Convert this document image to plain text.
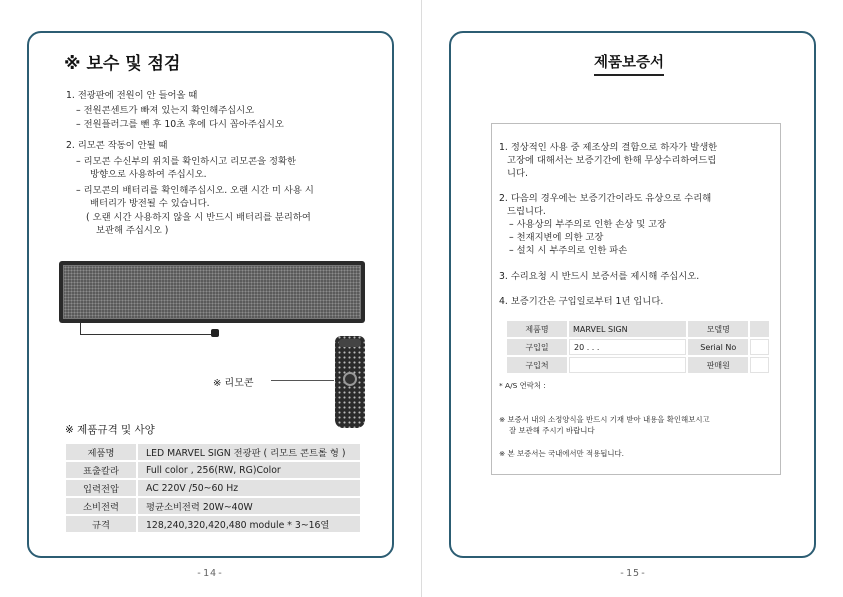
※ 보수 및 점검
1. 전광판에 전원이 안 들어올 때
– 전원콘센트가 빠져 있는지 확인해주십시오
– 전원플러그를 뺀 후 10초 후에 다시 꼽아주십시오
2. 리모콘 작동이 안될 때
– 리모콘 수신부의 위치를 확인하시고 리모콘을 정확한
방향으로 사용하여 주십시오.
– 리모콘의 배터리를 확인해주십시오. 오랜 시간 미 사용 시
배터리가 방전될 수 있습니다.
( 오랜 시간 사용하지 않을 시 반드시 배터리를 분리하여
보관해 주십시오 )
※ 리모콘
※ 제품규격 및 사양
제품명	LED MARVEL SIGN 전광판 ( 리모트 콘트롤 형 )
표출칼라	Full color , 256(RW, RG)Color
입력전압	AC 220V /50~60 Hz
소비전력	평균소비전력 20W~40W
규격	128,240,320,420,480 module * 3~16열
-14-
제품보증서
1. 정상적인 사용 중 제조상의 결함으로 하자가 발생한
고장에 대해서는 보증기간에 한해 무상수리하여드립
니다.
2. 다음의 경우에는 보증기간이라도 유상으로 수리해
드립니다.
– 사용상의 부주의로 인한 손상 및 고장
– 천재지변에 의한 고장
– 설치 시 부주의로 인한 파손
3. 수리요청 시 반드시 보증서를 제시해 주십시오.
4. 보증기간은 구입일로부터 1년 입니다.
제품명	MARVEL SIGN	모델명	
구입일	20 . . .	Serial No	
구입처		판매원	
* A/S 연락처 :
※ 보증서 내의 소정양식을 반드시 기재 받아 내용을 확인해보시고
잘 보관해 주시기 바랍니다
※ 본 보증서는 국내에서만 적용됩니다.
-15-
